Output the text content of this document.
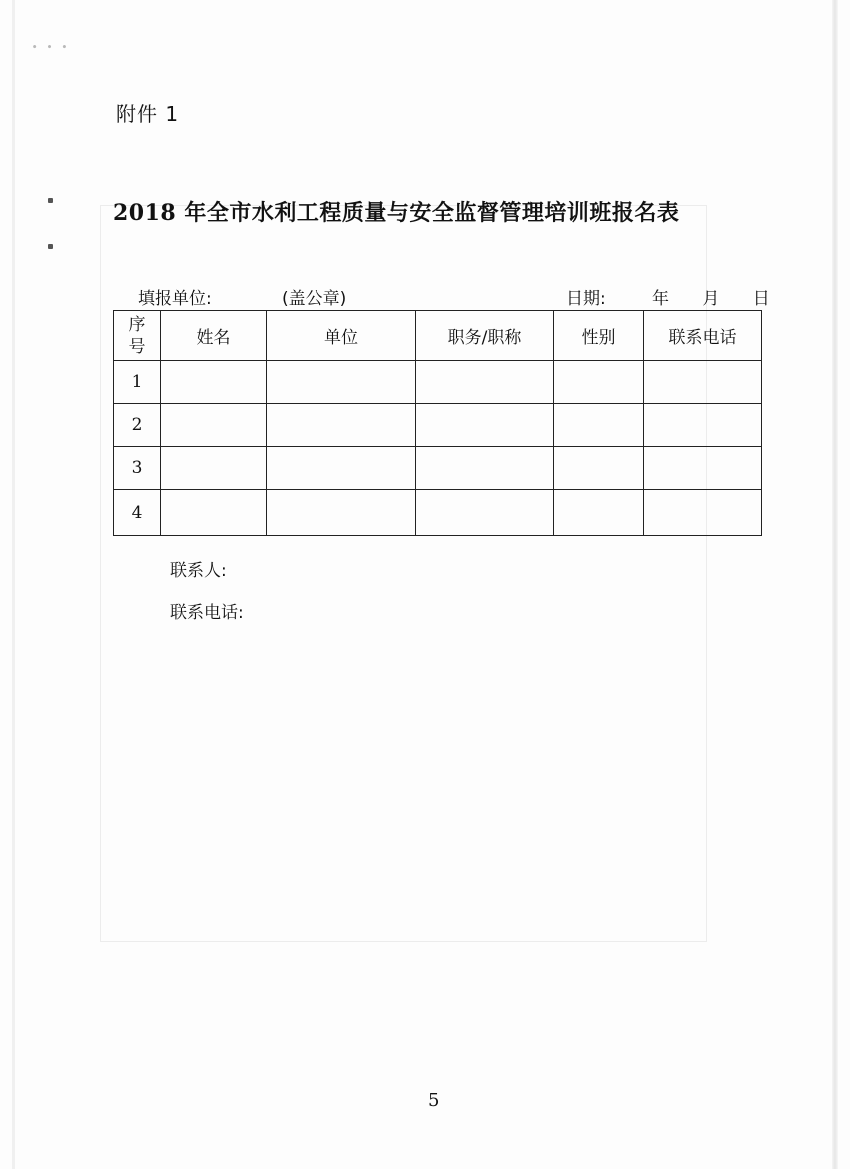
∙ ∙ ∙
附件 1
2018 年全市水利工程质量与安全监督管理培训班报名表
填报单位:	(盖公章)	日期:	年 月 日
序号	姓名	单位	职务/职称	性别	联系电话
1					
2					
3					
4					
联系人:
联系电话:
5
